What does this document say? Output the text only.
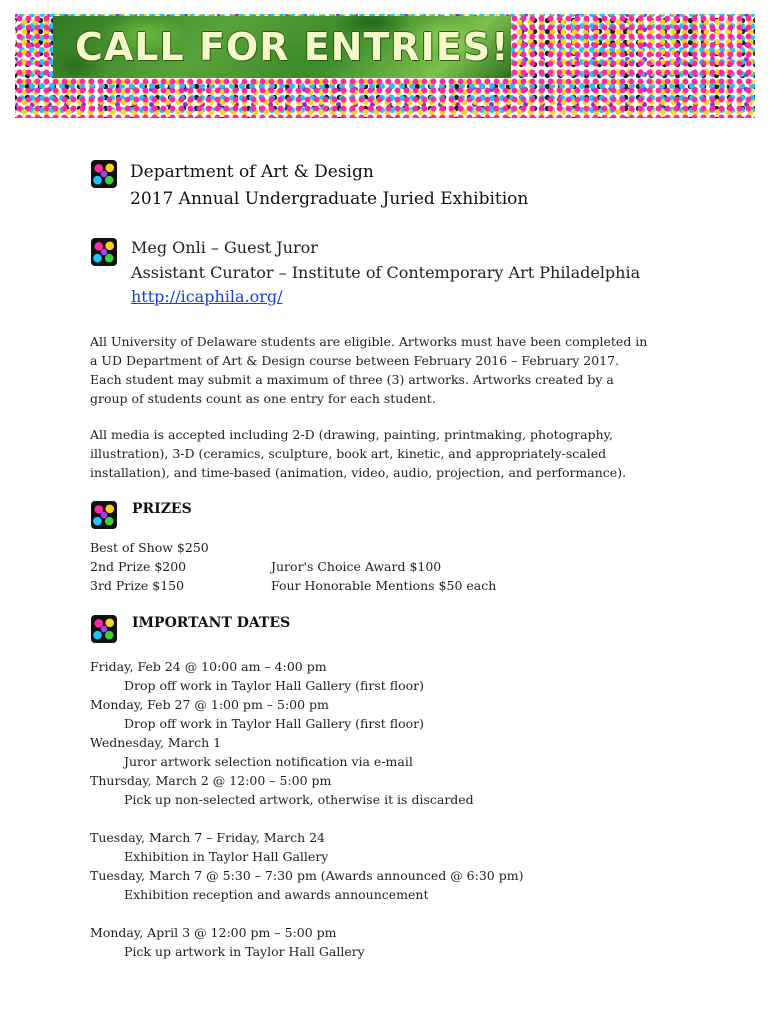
CALL FOR ENTRIES!
Department of Art & Design
2017 Annual Undergraduate Juried Exhibition
Meg Onli – Guest Juror
Assistant Curator – Institute of Contemporary Art Philadelphia
http://icaphila.org/
All University of Delaware students are eligible. Artworks must have been completed in
a UD Department of Art & Design course between February 2016 – February 2017.
Each student may submit a maximum of three (3) artworks. Artworks created by a
group of students count as one entry for each student.
All media is accepted including 2-D (drawing, painting, printmaking, photography,
illustration), 3-D (ceramics, sculpture, book art, kinetic, and appropriately-scaled
installation), and time-based (animation, video, audio, projection, and performance).
PRIZES
Best of Show $250
2nd Prize $200
3rd Prize $150
Juror's Choice Award $100
Four Honorable Mentions $50 each
IMPORTANT DATES
Friday, Feb 24 @ 10:00 am – 4:00 pm
Drop off work in Taylor Hall Gallery (first floor)
Monday, Feb 27 @ 1:00 pm – 5:00 pm
Drop off work in Taylor Hall Gallery (first floor)
Wednesday, March 1
Juror artwork selection notification via e-mail
Thursday, March 2 @ 12:00 – 5:00 pm
Pick up non-selected artwork, otherwise it is discarded
Tuesday, March 7 – Friday, March 24
Exhibition in Taylor Hall Gallery
Tuesday, March 7 @ 5:30 – 7:30 pm (Awards announced @ 6:30 pm)
Exhibition reception and awards announcement
Monday, April 3 @ 12:00 pm – 5:00 pm
Pick up artwork in Taylor Hall Gallery
